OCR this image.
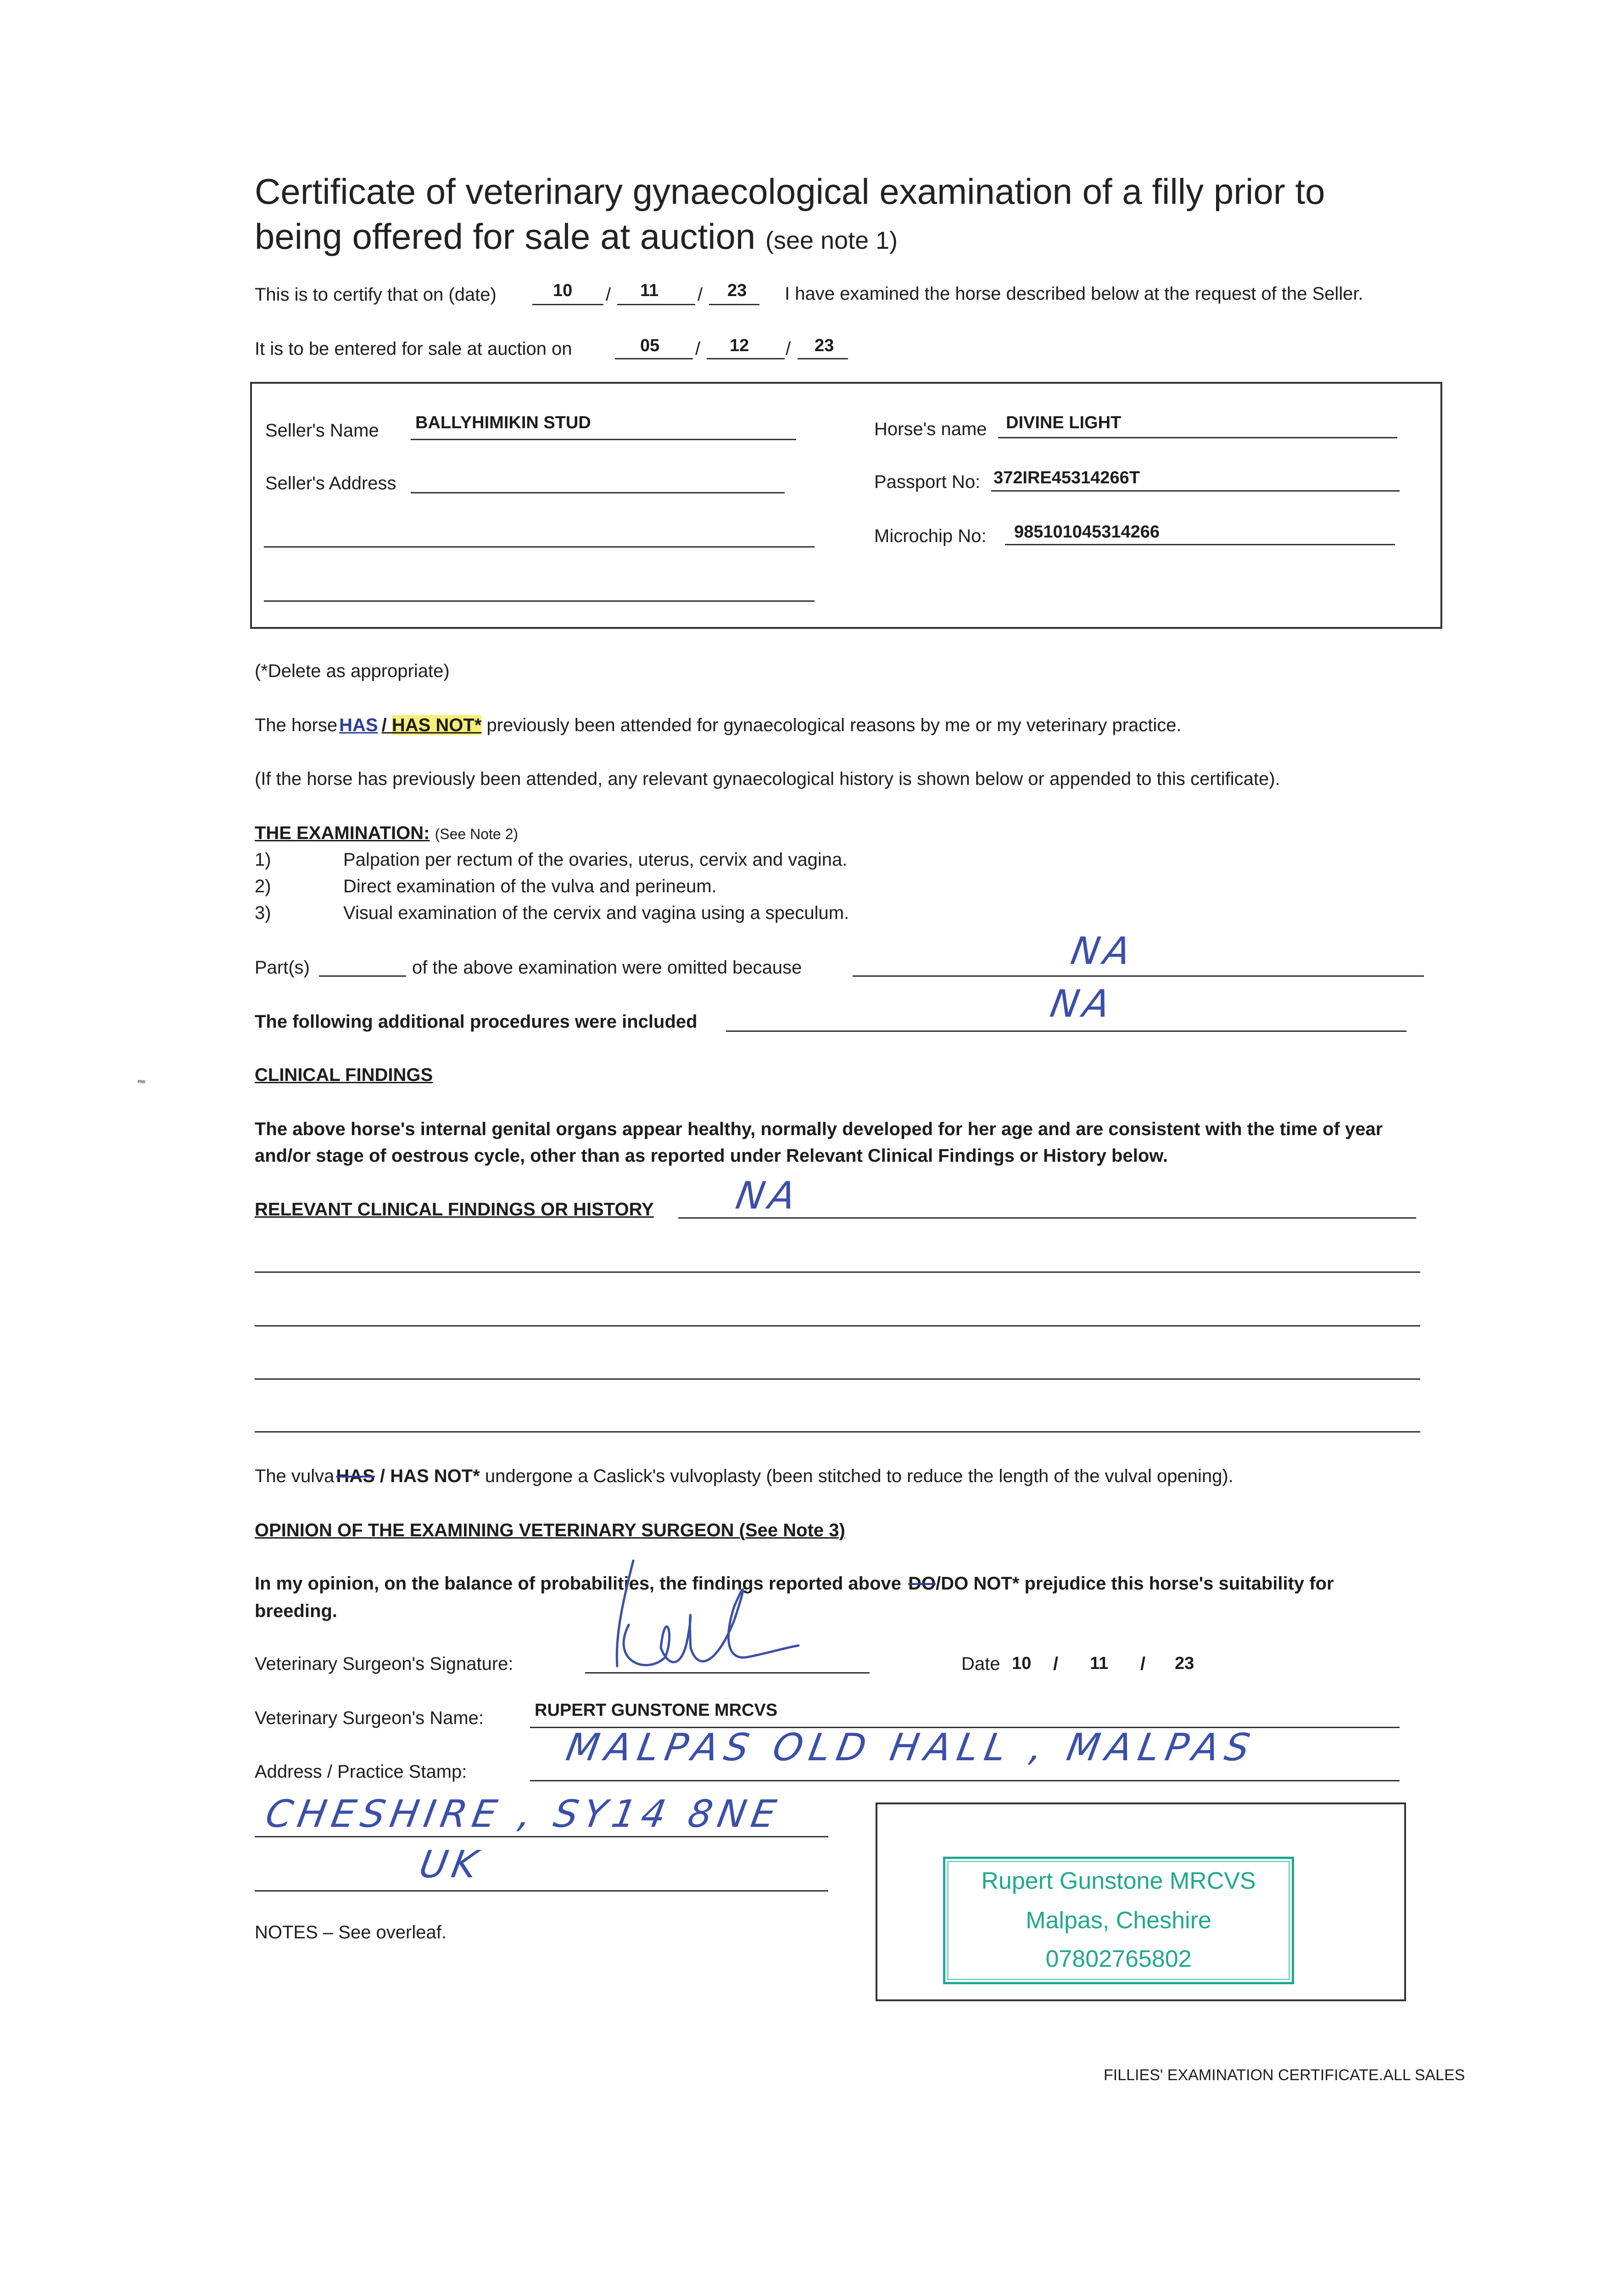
Certificate of veterinary gynaecological examination of a filly prior to
being offered for sale at auction (see note 1)
This is to certify that on (date)	10 / 11 / 23 I have examined the horse described below at the request of the Seller.
It is to be entered for sale at auction on	05 / 12 / 23
Seller's Name BALLYHIMIKIN STUD
Seller's Address
Horse's name DIVINE LIGHT
Passport No: 372IRE45314266T
Microchip No: 985101045314266
(*Delete as appropriate)
The horse HAS / HAS NOT* previously been attended for gynaecological reasons by me or my veterinary practice.
(If the horse has previously been attended, any relevant gynaecological history is shown below or appended to this certificate).
THE EXAMINATION: (See Note 2)
1)	Palpation per rectum of the ovaries, uterus, cervix and vagina.
2)	Direct examination of the vulva and perineum.
3)	Visual examination of the cervix and vagina using a speculum.
Part(s)	of the above examination were omitted because	NA
The following additional procedures were included	NA
CLINICAL FINDINGS
The above horse's internal genital organs appear healthy, normally developed for her age and are consistent with the time of year
and/or stage of oestrous cycle, other than as reported under Relevant Clinical Findings or History below.
RELEVANT CLINICAL FINDINGS OR HISTORY NA
The vulva HAS / HAS NOT* undergone a Caslick's vulvoplasty (been stitched to reduce the length of the vulval opening).
OPINION OF THE EXAMINING VETERINARY SURGEON (See Note 3)
In my opinion, on the balance of probabilities, the findings reported above DO/DO NOT* prejudice this horse's suitability for
breeding.
Veterinary Surgeon's Signature:
RW
Date 10 / 11 / 23
Veterinary Surgeon's Name:	RUPERT GUNSTONE MRCVS
Address / Practice Stamp:
MALPAS OLD HALL , MALPAS
CHESHIRE , SY14 8NE
UK	Rupert Gunstone MRCVS
Malpas, Cheshire
07802765802
NOTES – See overleaf.
FILLIES' EXAMINATION CERTIFICATE.ALL SALES
